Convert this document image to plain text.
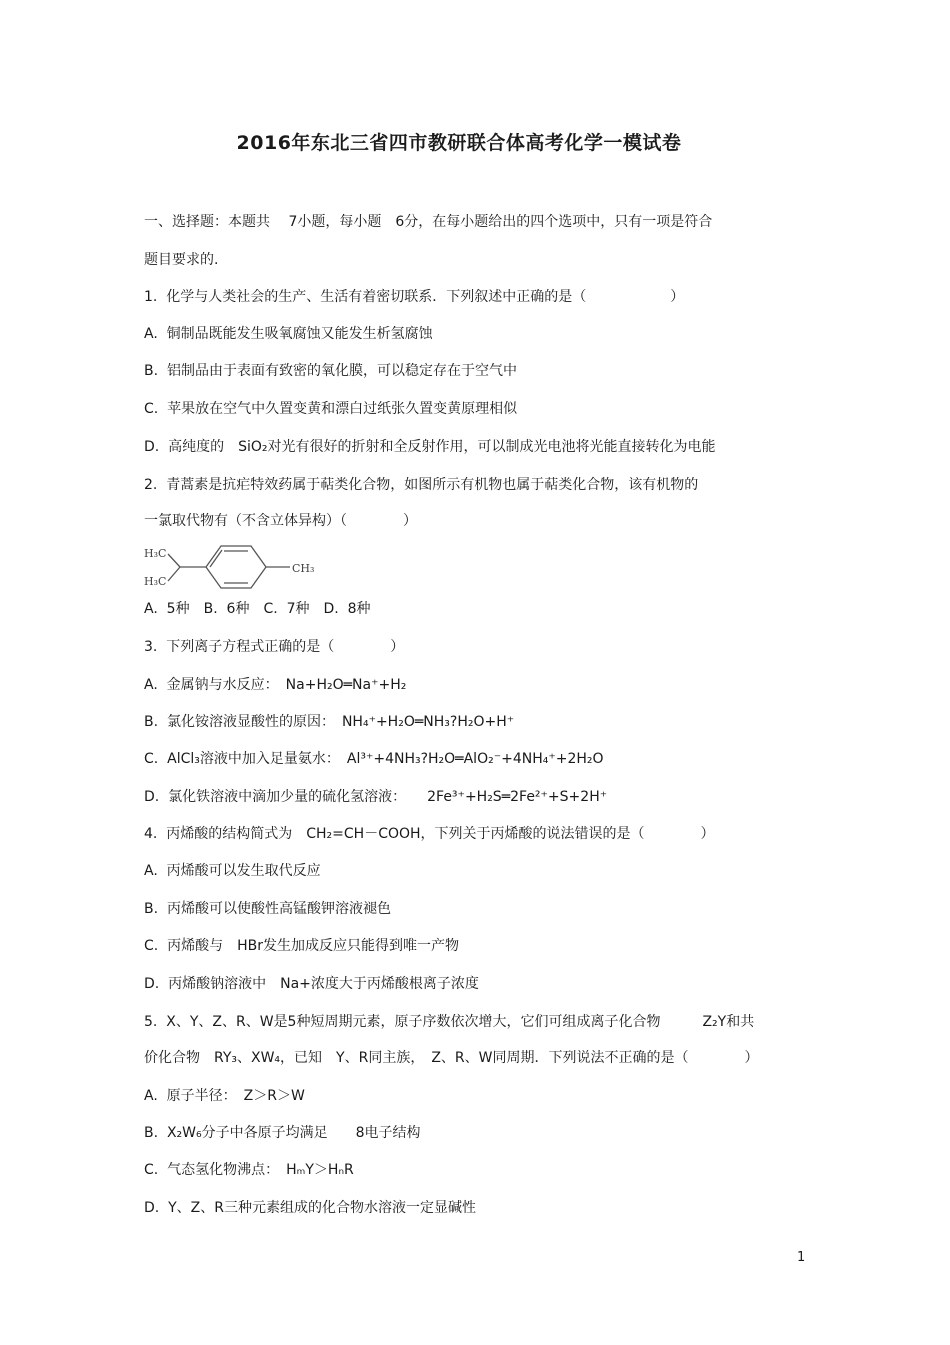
2016年东北三省四市教研联合体高考化学一模试卷
一、选择题：本题共　 7小题，每小题　6分，在每小题给出的四个选项中，只有一项是符合
题目要求的.
1.  化学与人类社会的生产、生活有着密切联系．下列叙述中正确的是（　　　　　　）
A.  铜制品既能发生吸氧腐蚀又能发生析氢腐蚀
B.  铝制品由于表面有致密的氧化膜，可以稳定存在于空气中
C.  苹果放在空气中久置变黄和漂白过纸张久置变黄原理相似
D.  高纯度的　SiO₂对光有很好的折射和全反射作用，可以制成光电池将光能直接转化为电能
2.  青蒿素是抗疟特效药属于萜类化合物，如图所示有机物也属于萜类化合物，该有机物的
一氯取代物有（不含立体异构）（　　　　）
H₃C
H₃C
CH₃
A.  5种　B.  6种　C.  7种　D.  8种
3.  下列离子方程式正确的是（　　　　）
A.  金属钠与水反应：　Na+H₂O═Na⁺+H₂
B.  氯化铵溶液显酸性的原因：　NH₄⁺+H₂O═NH₃?H₂O+H⁺
C.  AlCl₃溶液中加入足量氨水：　Al³⁺+4NH₃?H₂O═AlO₂⁻+4NH₄⁺+2H₂O
D.  氯化铁溶液中滴加少量的硫化氢溶液：　　2Fe³⁺+H₂S═2Fe²⁺+S+2H⁺
4.  丙烯酸的结构简式为　CH₂=CH－COOH，下列关于丙烯酸的说法错误的是（　　　　）
A.  丙烯酸可以发生取代反应
B.  丙烯酸可以使酸性高锰酸钾溶液褪色
C.  丙烯酸与　HBr发生加成反应只能得到唯一产物
D.  丙烯酸钠溶液中　Na+浓度大于丙烯酸根离子浓度
5.  X、Y、Z、R、W是5种短周期元素，原子序数依次增大，它们可组成离子化合物　　　Z₂Y和共
价化合物　RY₃、XW₄，已知　Y、R同主族，　Z、R、W同周期．下列说法不正确的是（　　　　）
A.  原子半径：　Z＞R＞W
B.  X₂W₆分子中各原子均满足　　8电子结构
C.  气态氢化物沸点：　HₘY＞HₙR
D.  Y、Z、R三种元素组成的化合物水溶液一定显碱性
1
